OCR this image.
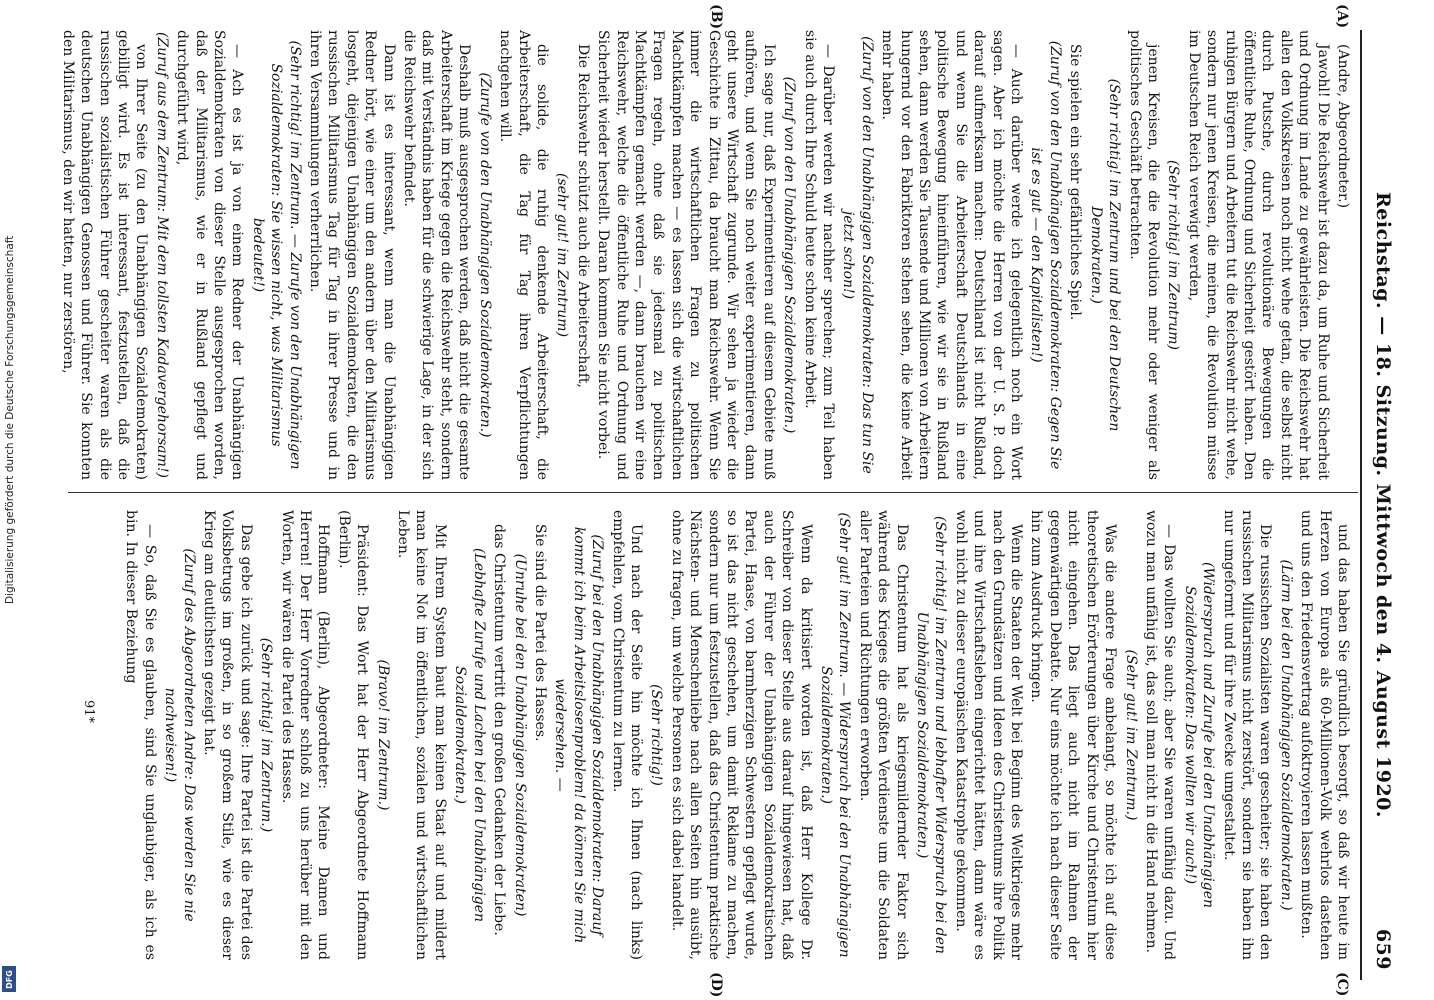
Reichstag. — 18. Sitzung. Mittwoch den 4. August 1920.
659
(A)
(B)
(C)
(D)

(Andre, Abgeordneter.)

Jawohl! Die Reichswehr ist dazu da, um Ruhe und Sicherheit und Ordnung im Lande zu gewährleisten. Die Reichswehr hat allen den Volkskreisen noch nicht wehe getan, die selbst nicht durch Putsche, durch revolutionäre Bewegungen die öffentliche Ruhe, Ordnung und Sicherheit gestört haben. Den ruhigen Bürgern und Arbeitern tut die Reichswehr nicht wehe, sondern nur jenen Kreisen, die meinen, die Revolution müsse im Deutschen Reich verewigt werden,

(Sehr richtig! im Zentrum)

jenen Kreisen, die die Revolution mehr oder weniger als politisches Geschäft betrachten.

(Sehr richtig! im Zentrum und bei den Deutschen Demokraten.)

Sie spielen ein sehr gefährliches Spiel.

(Zuruf von den Unabhängigen Sozialdemokraten: Gegen Sie ist es gut — den Kapitalisten!)

— Auch darüber werde ich gelegentlich noch ein Wort sagen. Aber ich möchte die Herren von der U. S. P. doch darauf aufmerksam machen: Deutschland ist nicht Rußland, und wenn Sie die Arbeiterschaft Deutschlands in eine politische Bewegung hineinführen, wie wir sie in Rußland sehen, dann werden Sie Tausende und Millionen von Arbeitern hungernd vor den Fabriktoren stehen sehen, die keine Arbeit mehr haben.

(Zuruf von den Unabhängigen Sozialdemokraten: Das tun Sie jetzt schon!)

— Darüber werden wir nachher sprechen; zum Teil haben sie auch durch Ihre Schuld heute schon keine Arbeit.

(Zuruf von den Unabhängigen Sozialdemokraten.)

Ich sage nur, daß Experimentieren auf diesem Gebiete muß aufhören, und wenn Sie noch weiter experimentieren, dann geht unsere Wirtschaft zugrunde. Wir sehen ja wieder die Geschichte in Zittau, da braucht man Reichswehr. Wenn Sie immer die wirtschaftlichen Fragen zu politischen Machtkämpfen machen — es lassen sich die wirtschaftlichen Fragen regeln, ohne daß sie jedesmal zu politischen Machtkämpfen gemacht werden —, dann brauchen wir eine Reichswehr, welche die öffentliche Ruhe und Ordnung und Sicherheit wieder herstellt. Daran kommen Sie nicht vorbei.

Die Reichswehr schützt auch die Arbeiterschaft,

(sehr gut! im Zentrum)

die solide, die ruhig denkende Arbeiterschaft, die Arbeiterschaft, die Tag für Tag ihren Verpflichtungen nachgehen will.

(Zurufe von den Unabhängigen Sozialdemokraten.)

Deshalb muß ausgesprochen werden, daß nicht die gesamte Arbeiterschaft im Kriege gegen die Reichswehr steht, sondern daß mit Verständnis haben für die schwierige Lage, in der sich die Reichswehr befindet.

Dann ist es interessant, wenn man die Unabhängigen Redner hört, wie einer um den andern über den Militarismus losgeht, diejenigen Unabhängigen Sozialdemokraten, die den russischen Militarismus Tag für Tag in ihrer Presse und in ihren Versammlungen verherrlichen.

(Sehr richtig! im Zentrum. — Zurufe von den Unabhängigen Sozialdemokraten: Sie wissen nicht, was Militarismus bedeutet!)

— Ach es ist ja von einem Redner der Unabhängigen Sozialdemokraten von dieser Stelle ausgesprochen worden, daß der Militarismus, wie er in Rußland gepflegt und durchgeführt wird,

(Zuruf aus dem Zentrum: Mit dem tollsten Kadavergehorsam!)

von Ihrer Seite (zu den Unabhängigen Sozialdemokraten) gebilligt wird. Es ist interessant, festzustellen, daß die russischen sozialistischen Führer gescheiter waren als die deutschen Unabhängigen Genossen und Führer. Sie konnten den Militarismus, den wir hatten, nur zerstören,

und das haben Sie gründlich besorgt, so daß wir heute im Herzen von Europa als 60-Millionen-Volk wehrlos dastehen und uns den Friedensvertrag aufoktroyieren lassen mußten.

(Lärm bei den Unabhängigen Sozialdemokraten.)

Die russischen Sozialisten waren gescheiter; sie haben den russischen Militarismus nicht zerstört, sondern sie haben ihn nur umgeformt und für ihre Zwecke umgestaltet.

(Widerspruch und Zurufe bei den Unabhängigen Sozialdemokraten: Das wollten wir auch!)

— Das wollten Sie auch; aber Sie waren unfähig dazu. Und wozu man unfähig ist, das soll man nicht in die Hand nehmen.

(Sehr gut! im Zentrum.)

Was die andere Frage anbelangt, so möchte ich auf diese theoretischen Erörterungen über Kirche und Christentum hier nicht eingehen. Das liegt auch nicht im Rahmen der gegenwärtigen Debatte. Nur eins möchte ich nach dieser Seite hin zum Ausdruck bringen.

Wenn die Staaten der Welt bei Beginn des Weltkrieges mehr nach den Grundsätzen und Ideen des Christentums ihre Politik und ihre Wirtschaftsleben eingerichtet hätten, dann wäre es wohl nicht zu dieser europäischen Katastrophe gekommen.

(Sehr richtig! im Zentrum und lebhafter Widerspruch bei den Unabhängigen Sozialdemokraten.)

Das Christentum hat als kriegsmildernder Faktor sich während des Krieges die größten Verdienste um die Soldaten aller Parteien und Richtungen erworben.

(Sehr gut! im Zentrum. — Widerspruch bei den Unabhängigen Sozialdemokraten.)

Wenn da kritisiert worden ist, daß Herr Kollege Dr. Schreiber von dieser Stelle aus darauf hingewiesen hat, daß auch der Führer der Unabhängigen Sozialdemokratischen Partei, Haase, von barmherzigen Schwestern gepflegt wurde, so ist das nicht geschehen, um damit Reklame zu machen, sondern nur um festzustellen, daß das Christentum praktische Nächsten- und Menschenliebe nach allen Seiten hin ausübt, ohne zu fragen, um welche Personen es sich dabei handelt.

(Sehr richtig!)

Und nach der Seite hin möchte ich Ihnen (nach links) empfehlen, vom Christentum zu lernen.

(Zuruf bei den Unabhängigen Sozialdemokraten: Darauf kommt ich beim Arbeitslosenproblem! da können Sie mich wiedersehen. —

Sie sind die Partei des Hasses.

(Unruhe bei den Unabhängigen Sozialdemokraten)

das Christentum vertritt den großen Gedanken der Liebe.

(Lebhafte Zurufe und Lachen bei den Unabhängigen Sozialdemokraten.)

Mit Ihrem System baut man keinen Staat auf und mildert man keine Not im öffentlichen, sozialen und wirtschaftlichen Leben.

(Bravo! im Zentrum.)

Präsident: Das Wort hat der Herr Abgeordnete Hoffmann (Berlin).

Hoffmann (Berlin), Abgeordneter: Meine Damen und Herren! Der Herr Vorredner schloß zu uns herüber mit den Worten, wir wären die Partei des Hasses.

(Sehr richtig! im Zentrum.)

Das gebe ich zurück und sage: Ihre Partei ist die Partei des Volksbetrugs im großen, in so großem Stile, wie es dieser Krieg am deutlichsten gezeigt hat.

(Zuruf des Abgeordneten Andre: Das werden Sie nie nachweisen!)

— So, daß Sie es glauben, sind Sie unglaubiger, als ich es bin. In dieser Beziehung

91*
Digitalisierung gefördert durch die Deutsche Forschungsgemeinschaft
DFG
